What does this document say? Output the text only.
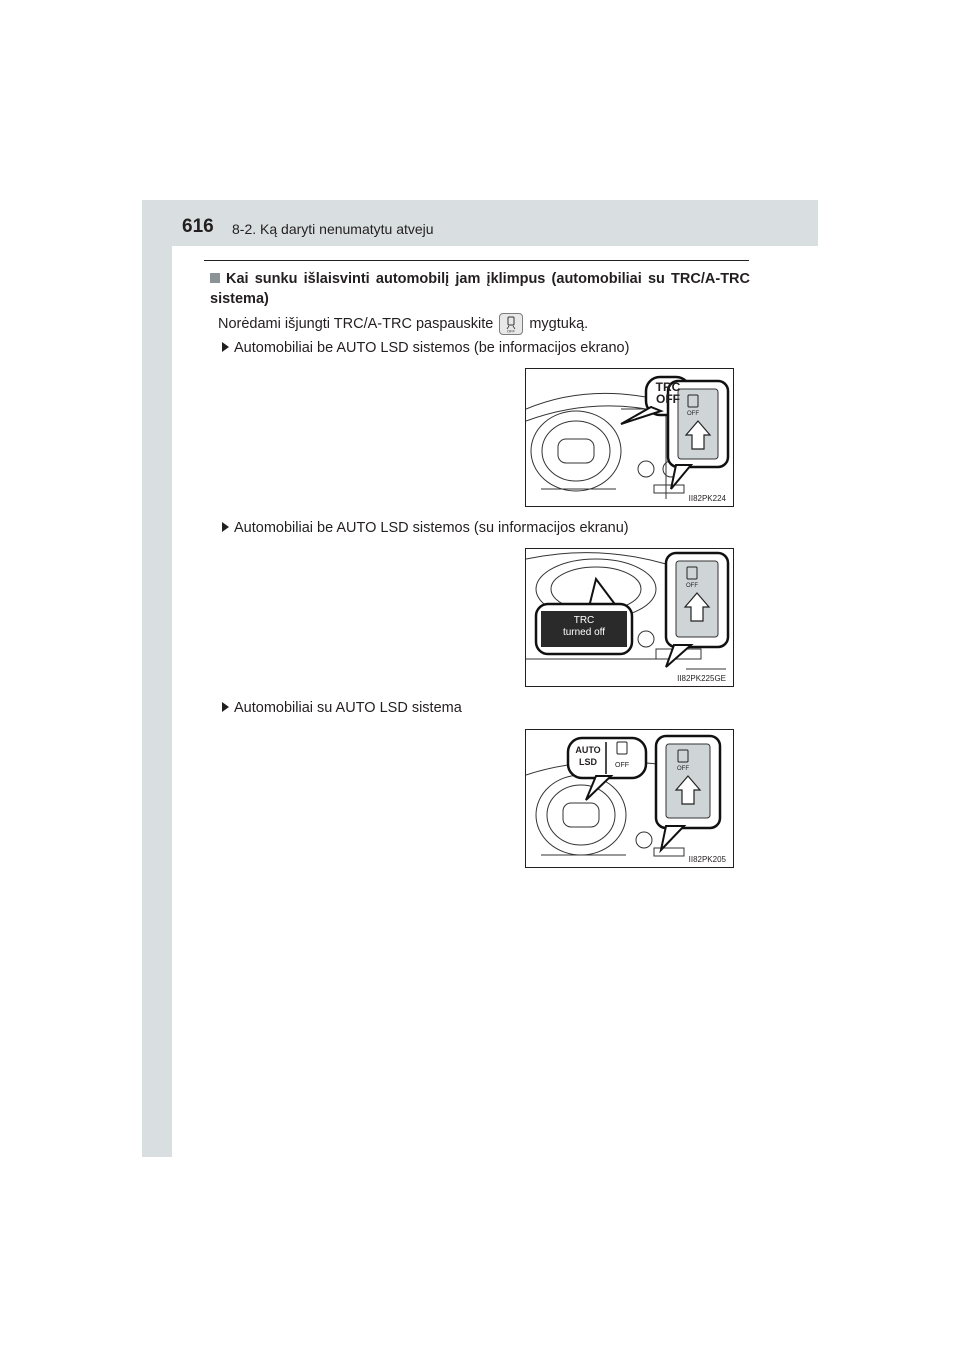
616 8-2. Ką daryti nenumatytu atveju
Kai sunku išlaisvinti automobilį jam įklimpus (automobiliai su TRC/A-TRC sistema)
Norėdami išjungti TRC/A-TRC paspauskite	OFF mygtuką.
Automobiliai be AUTO LSD sistemos (be informacijos ekrano)
OFF
TRC
OFF
II82PK224
Automobiliai be AUTO LSD sistemos (su informacijos ekranu)
OFF
TRC
turned off
II82PK225GE
Automobiliai su AUTO LSD sistema
OFF
AUTO
LSD	OFF
II82PK205
